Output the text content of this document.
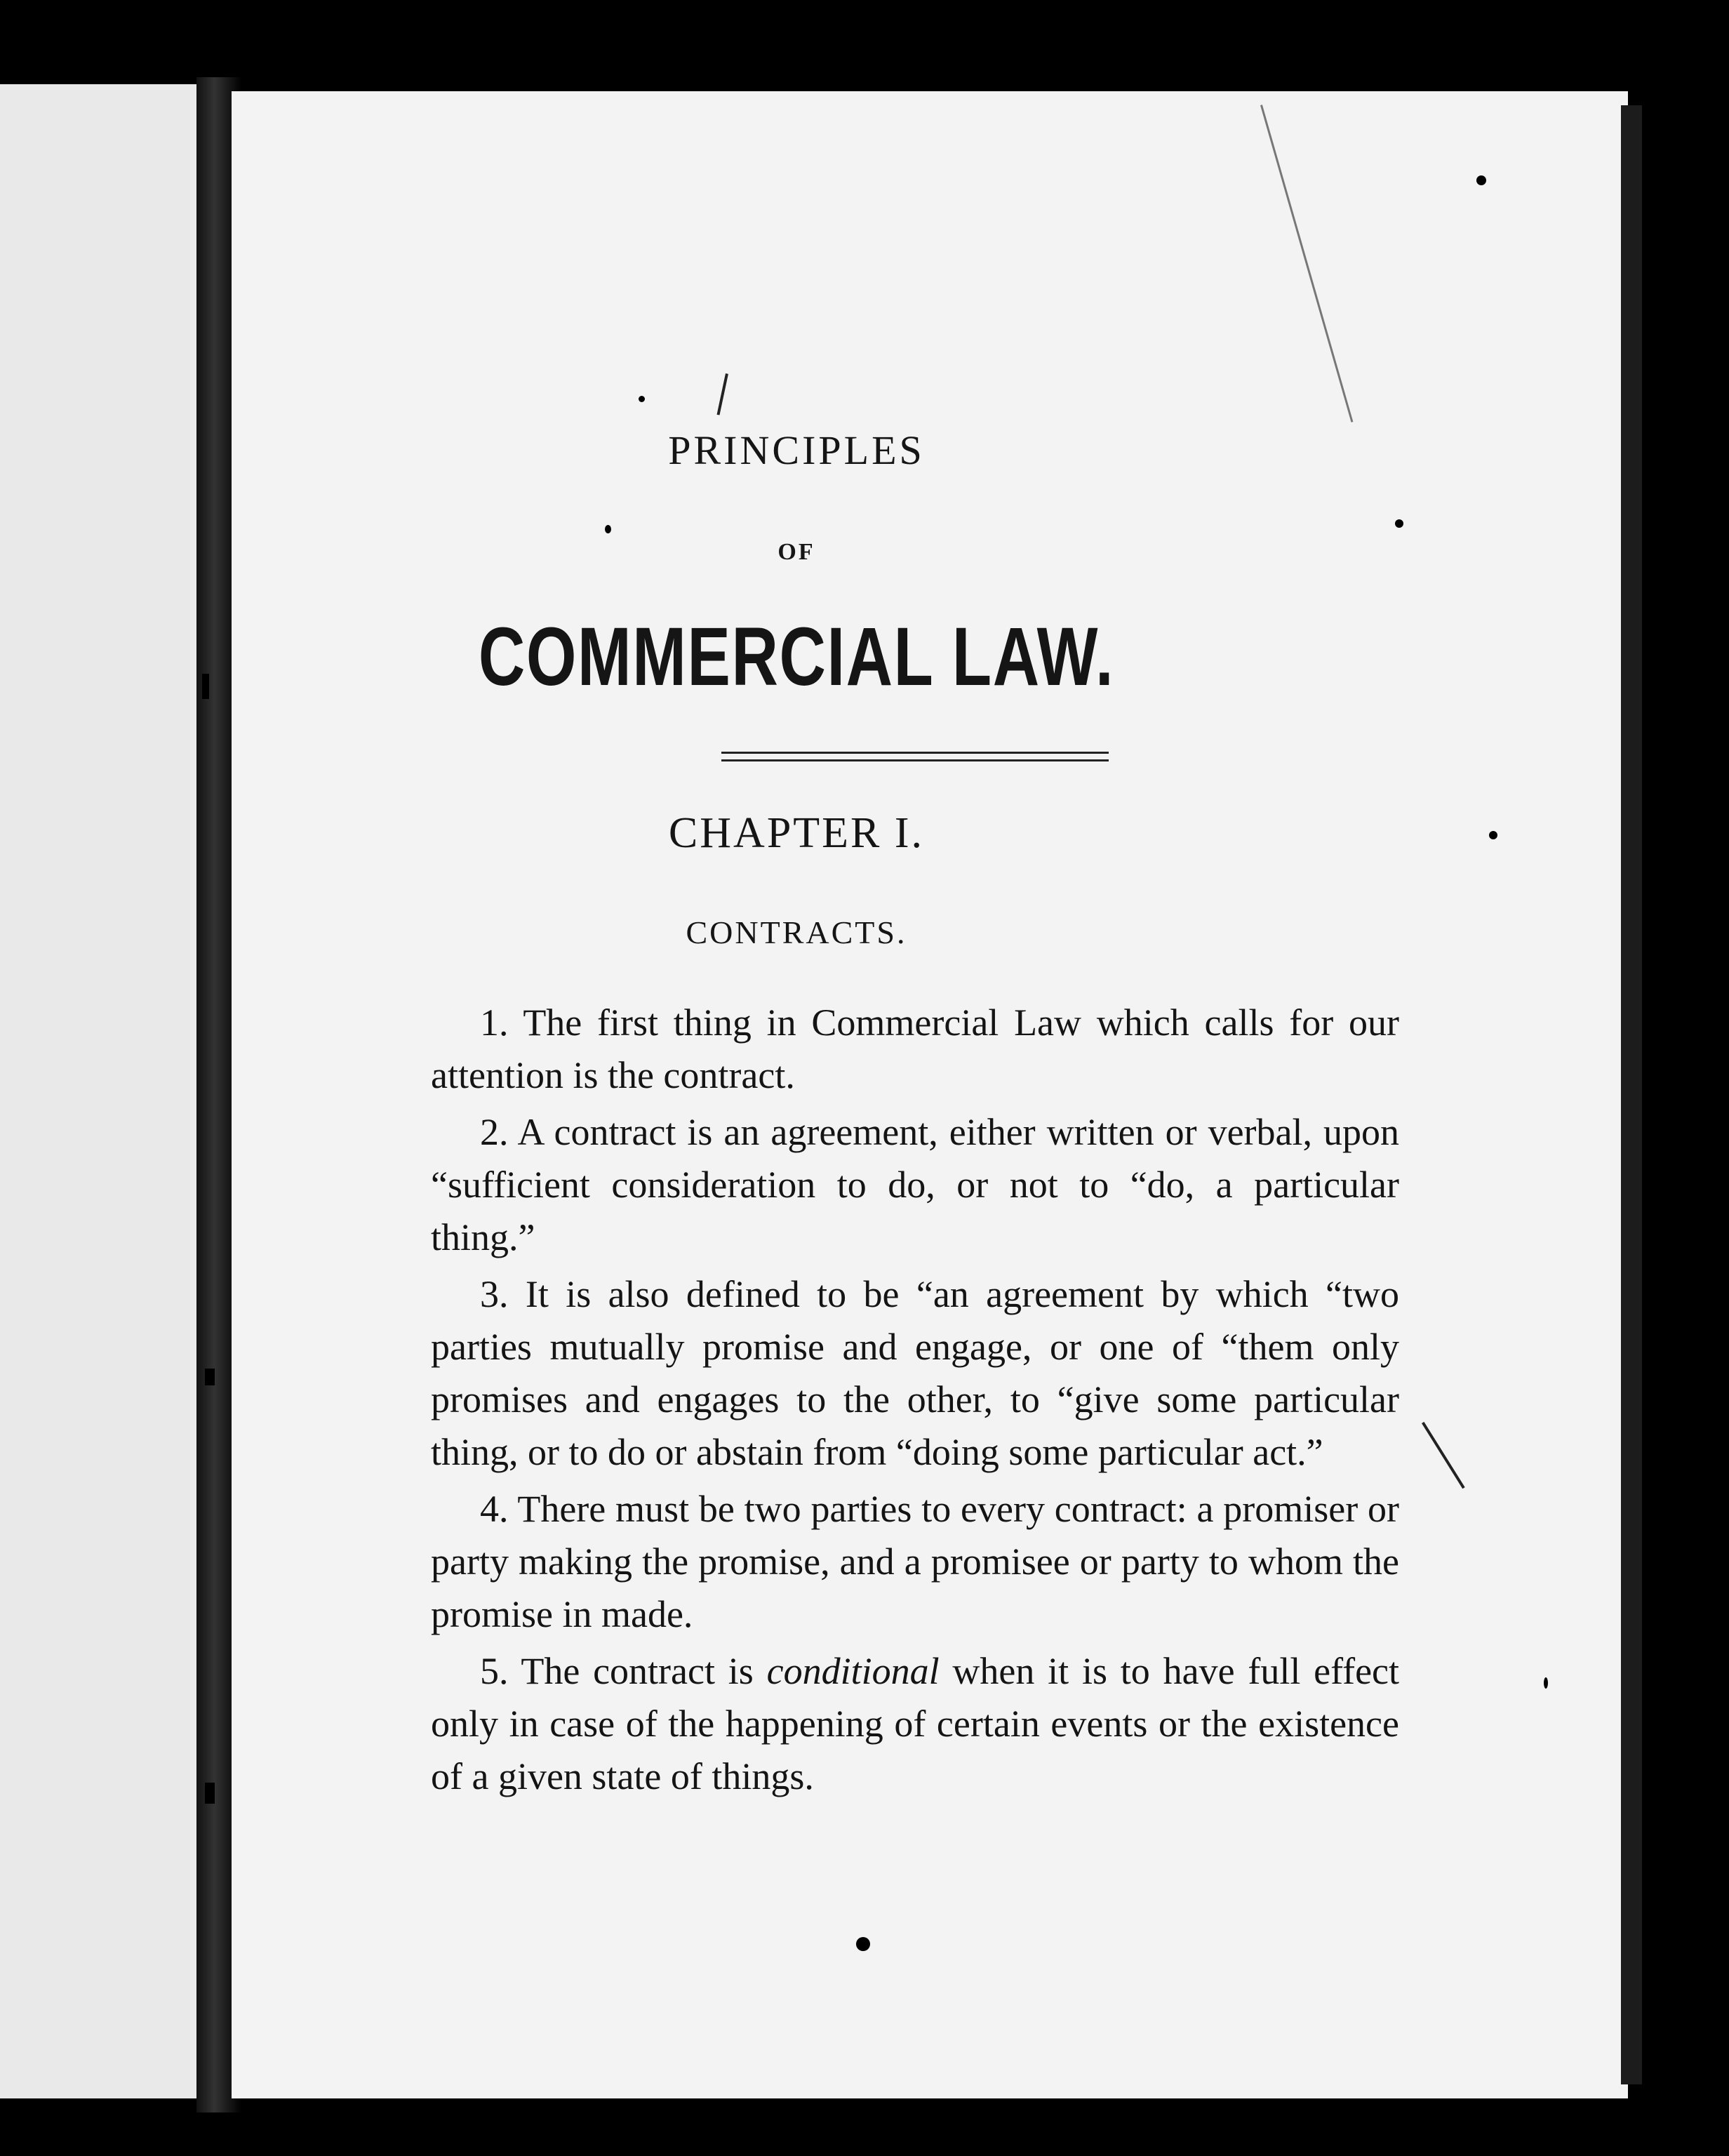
PRINCIPLES
OF
COMMERCIAL LAW.
CHAPTER I.
CONTRACTS.

1. The first thing in Commercial Law which calls for our attention is the contract.

2. A contract is an agreement, either written or verbal, upon “sufficient consideration to do, or not to “do, a particular thing.”

3. It is also defined to be “an agreement by which “two parties mutually promise and engage, or one of “them only promises and engages to the other, to “give some particular thing, or to do or abstain from “doing some particular act.”

4. There must be two parties to every contract: a promiser or party making the promise, and a promisee or party to whom the promise in made.

5. The contract is conditional when it is to have full effect only in case of the happening of certain events or the existence of a given state of things.
